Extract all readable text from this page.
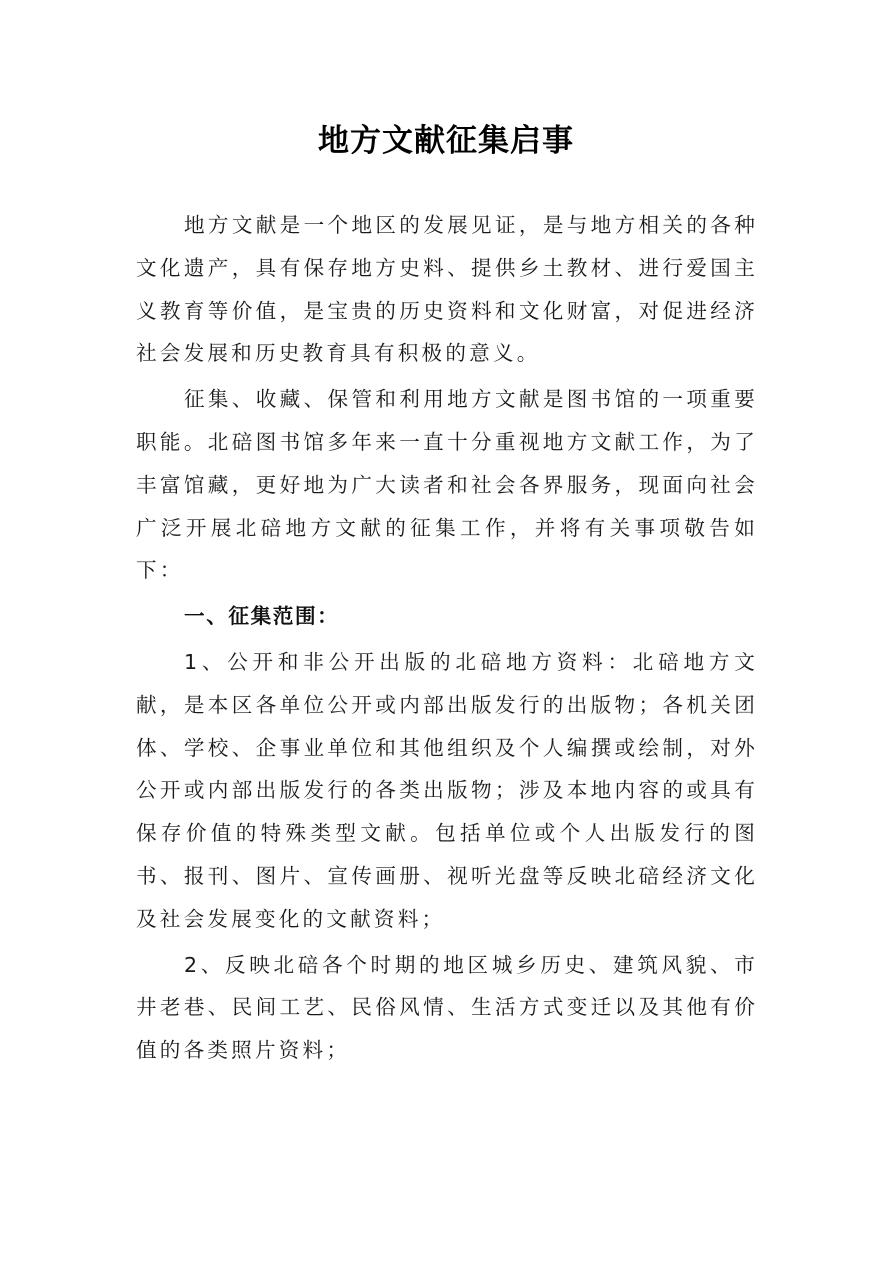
地方文献征集启事

地方文献是一个地区的发展见证，是与地方相关的各种文化遗产，具有保存地方史料、提供乡土教材、进行爱国主义教育等价值，是宝贵的历史资料和文化财富，对促进经济社会发展和历史教育具有积极的意义。

征集、收藏、保管和利用地方文献是图书馆的一项重要职能。北碚图书馆多年来一直十分重视地方文献工作，为了丰富馆藏，更好地为广大读者和社会各界服务，现面向社会广泛开展北碚地方文献的征集工作，并将有关事项敬告如下：

一、征集范围：

1、公开和非公开出版的北碚地方资料：北碚地方文献，是本区各单位公开或内部出版发行的出版物；各机关团体、学校、企事业单位和其他组织及个人编撰或绘制，对外公开或内部出版发行的各类出版物；涉及本地内容的或具有保存价值的特殊类型文献。包括单位或个人出版发行的图书、报刊、图片、宣传画册、视听光盘等反映北碚经济文化及社会发展变化的文献资料；

2、反映北碚各个时期的地区城乡历史、建筑风貌、市井老巷、民间工艺、民俗风情、生活方式变迁以及其他有价值的各类照片资料；
